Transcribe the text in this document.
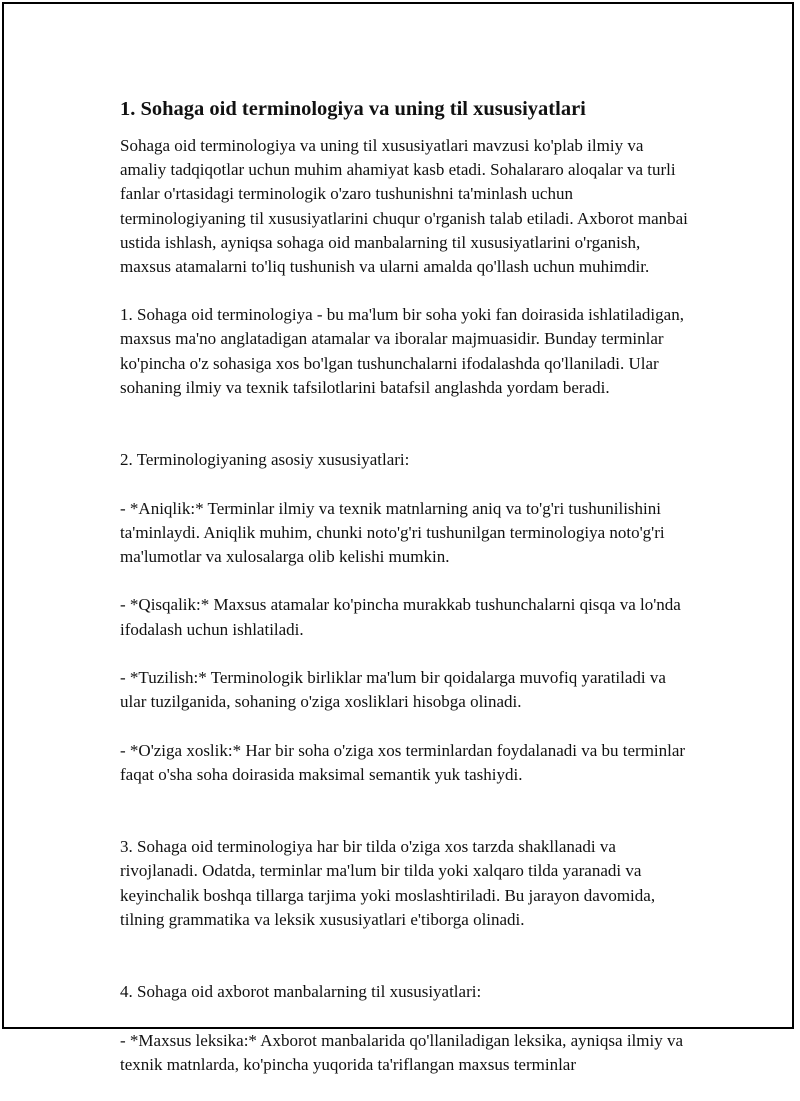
1. Sohaga oid terminologiya va uning til xususiyatlari

Sohaga oid terminologiya va uning til xususiyatlari mavzusi ko'plab ilmiy va amaliy tadqiqotlar uchun muhim ahamiyat kasb etadi. Sohalararo aloqalar va turli fanlar o'rtasidagi terminologik o'zaro tushunishni ta'minlash uchun terminologiyaning til xususiyatlarini chuqur o'rganish talab etiladi. Axborot manbai ustida ishlash, ayniqsa sohaga oid manbalarning til xususiyatlarini o'rganish, maxsus atamalarni to'liq tushunish va ularni amalda qo'llash uchun muhimdir.

1. Sohaga oid terminologiya - bu ma'lum bir soha yoki fan doirasida ishlatiladigan, maxsus ma'no anglatadigan atamalar va iboralar majmuasidir. Bunday terminlar ko'pincha o'z sohasiga xos bo'lgan tushunchalarni ifodalashda qo'llaniladi. Ular sohaning ilmiy va texnik tafsilotlarini batafsil anglashda yordam beradi.

2. Terminologiyaning asosiy xususiyatlari:

- *Aniqlik:* Terminlar ilmiy va texnik matnlarning aniq va to'g'ri tushunilishini ta'minlaydi. Aniqlik muhim, chunki noto'g'ri tushunilgan terminologiya noto'g'ri ma'lumotlar va xulosalarga olib kelishi mumkin.

- *Qisqalik:* Maxsus atamalar ko'pincha murakkab tushunchalarni qisqa va lo'nda ifodalash uchun ishlatiladi.

- *Tuzilish:* Terminologik birliklar ma'lum bir qoidalarga muvofiq yaratiladi va ular tuzilganida, sohaning o'ziga xosliklari hisobga olinadi.

- *O'ziga xoslik:* Har bir soha o'ziga xos terminlardan foydalanadi va bu terminlar faqat o'sha soha doirasida maksimal semantik yuk tashiydi.

3. Sohaga oid terminologiya har bir tilda o'ziga xos tarzda shakllanadi va rivojlanadi. Odatda, terminlar ma'lum bir tilda yoki xalqaro tilda yaranadi va keyinchalik boshqa tillarga tarjima yoki moslashtiriladi. Bu jarayon davomida, tilning grammatika va leksik xususiyatlari e'tiborga olinadi.

4. Sohaga oid axborot manbalarning til xususiyatlari:

- *Maxsus leksika:* Axborot manbalarida qo'llaniladigan leksika, ayniqsa ilmiy va texnik matnlarda, ko'pincha yuqorida ta'riflangan maxsus terminlar
